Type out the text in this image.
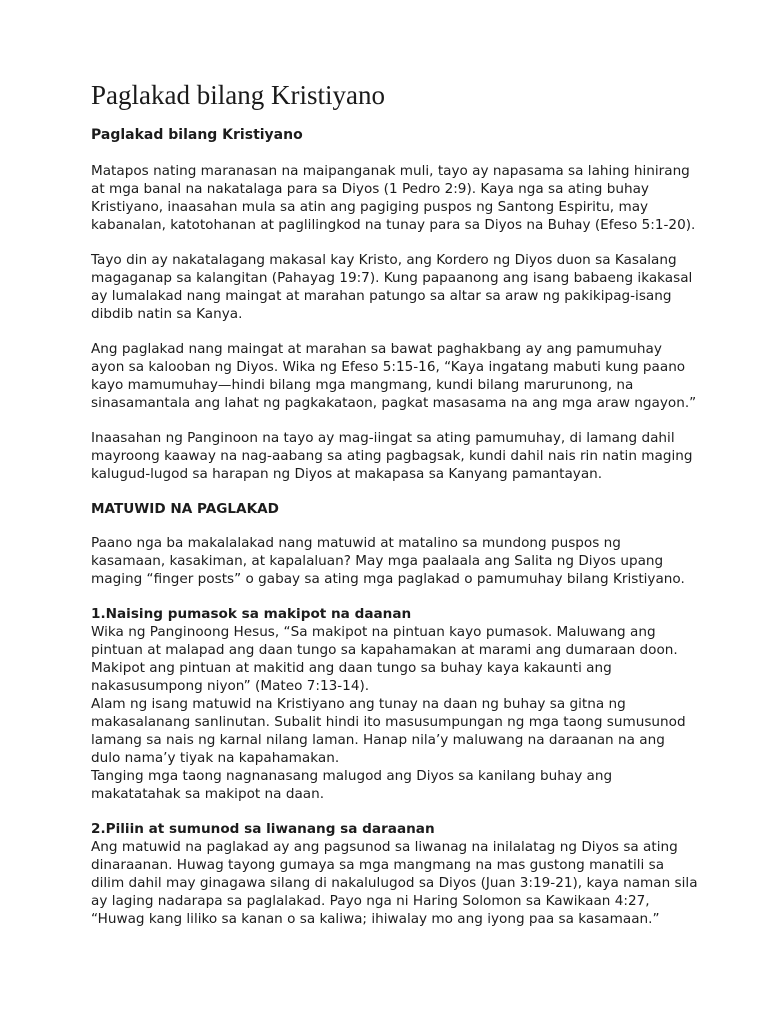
Paglakad bilang Kristiyano
Paglakad bilang Kristiyano
Matapos nating maranasan na maipanganak muli, tayo ay napasama sa lahing hinirang
at mga banal na nakatalaga para sa Diyos (1 Pedro 2:9). Kaya nga sa ating buhay
Kristiyano, inaasahan mula sa atin ang pagiging puspos ng Santong Espiritu, may
kabanalan, katotohanan at paglilingkod na tunay para sa Diyos na Buhay (Efeso 5:1-20).
Tayo din ay nakatalagang makasal kay Kristo, ang Kordero ng Diyos duon sa Kasalang
magaganap sa kalangitan (Pahayag 19:7). Kung papaanong ang isang babaeng ikakasal
ay lumalakad nang maingat at marahan patungo sa altar sa araw ng pakikipag-isang
dibdib natin sa Kanya.
Ang paglakad nang maingat at marahan sa bawat paghakbang ay ang pamumuhay
ayon sa kalooban ng Diyos. Wika ng Efeso 5:15-16, “Kaya ingatang mabuti kung paano
kayo mamumuhay—hindi bilang mga mangmang, kundi bilang marurunong, na
sinasamantala ang lahat ng pagkakataon, pagkat masasama na ang mga araw ngayon.”
Inaasahan ng Panginoon na tayo ay mag-iingat sa ating pamumuhay, di lamang dahil
mayroong kaaway na nag-aabang sa ating pagbagsak, kundi dahil nais rin natin maging
kalugud-lugod sa harapan ng Diyos at makapasa sa Kanyang pamantayan.
MATUWID NA PAGLAKAD
Paano nga ba makalalakad nang matuwid at matalino sa mundong puspos ng
kasamaan, kasakiman, at kapalaluan? May mga paalaala ang Salita ng Diyos upang
maging “finger posts” o gabay sa ating mga paglakad o pamumuhay bilang Kristiyano.
1.Naising pumasok sa makipot na daanan
Wika ng Panginoong Hesus, “Sa makipot na pintuan kayo pumasok. Maluwang ang
pintuan at malapad ang daan tungo sa kapahamakan at marami ang dumaraan doon.
Makipot ang pintuan at makitid ang daan tungo sa buhay kaya kakaunti ang
nakasusumpong niyon” (Mateo 7:13-14).
Alam ng isang matuwid na Kristiyano ang tunay na daan ng buhay sa gitna ng
makasalanang sanlinutan. Subalit hindi ito masusumpungan ng mga taong sumusunod
lamang sa nais ng karnal nilang laman. Hanap nila’y maluwang na daraanan na ang
dulo nama’y tiyak na kapahamakan.
Tanging mga taong nagnanasang malugod ang Diyos sa kanilang buhay ang
makatatahak sa makipot na daan.
2.Piliin at sumunod sa liwanang sa daraanan
Ang matuwid na paglakad ay ang pagsunod sa liwanag na inilalatag ng Diyos sa ating
dinaraanan. Huwag tayong gumaya sa mga mangmang na mas gustong manatili sa
dilim dahil may ginagawa silang di nakalulugod sa Diyos (Juan 3:19-21), kaya naman sila
ay laging nadarapa sa paglalakad. Payo nga ni Haring Solomon sa Kawikaan 4:27,
“Huwag kang liliko sa kanan o sa kaliwa; ihiwalay mo ang iyong paa sa kasamaan.”
